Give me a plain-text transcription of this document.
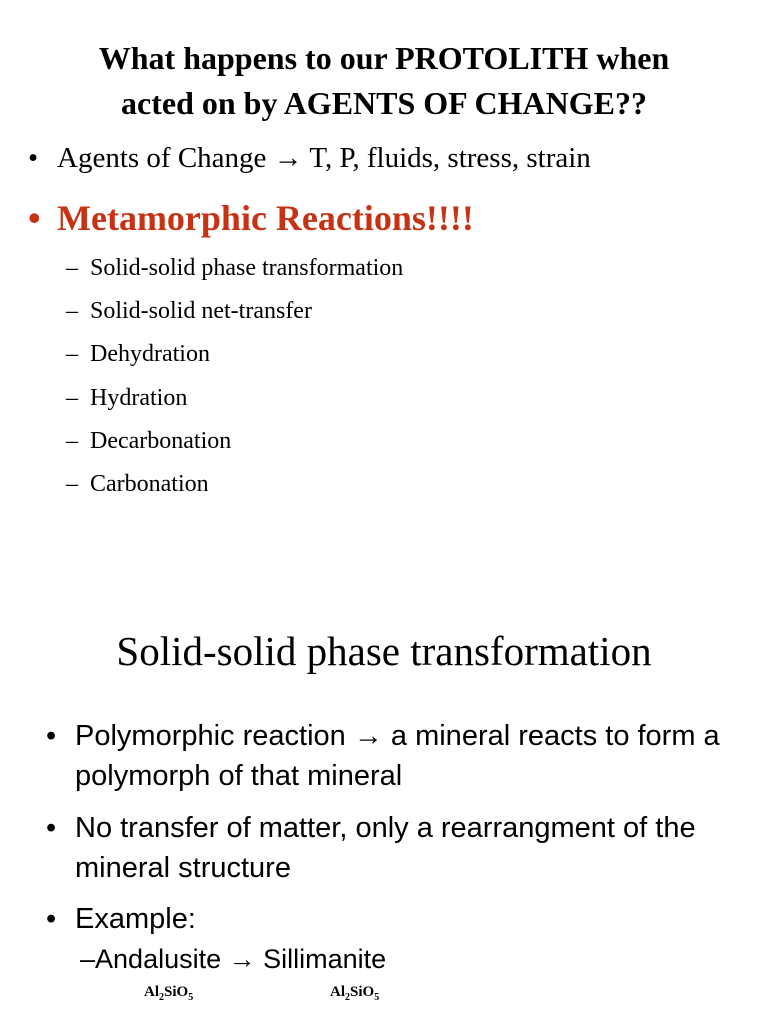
What happens to our PROTOLITH when
acted on by AGENTS OF CHANGE??
• Agents of Change → T, P, fluids, stress, strain
• Metamorphic Reactions!!!!
– Solid-solid phase transformation
– Solid-solid net-transfer
– Dehydration
– Hydration
– Decarbonation
– Carbonation
Solid-solid phase transformation
• Polymorphic reaction → a mineral reacts to form a polymorph of that mineral
• No transfer of matter, only a rearrangment of the mineral structure
• Example:
–Andalusite → Sillimanite
$Al_2SiO_5$	$Al_2SiO_5$
